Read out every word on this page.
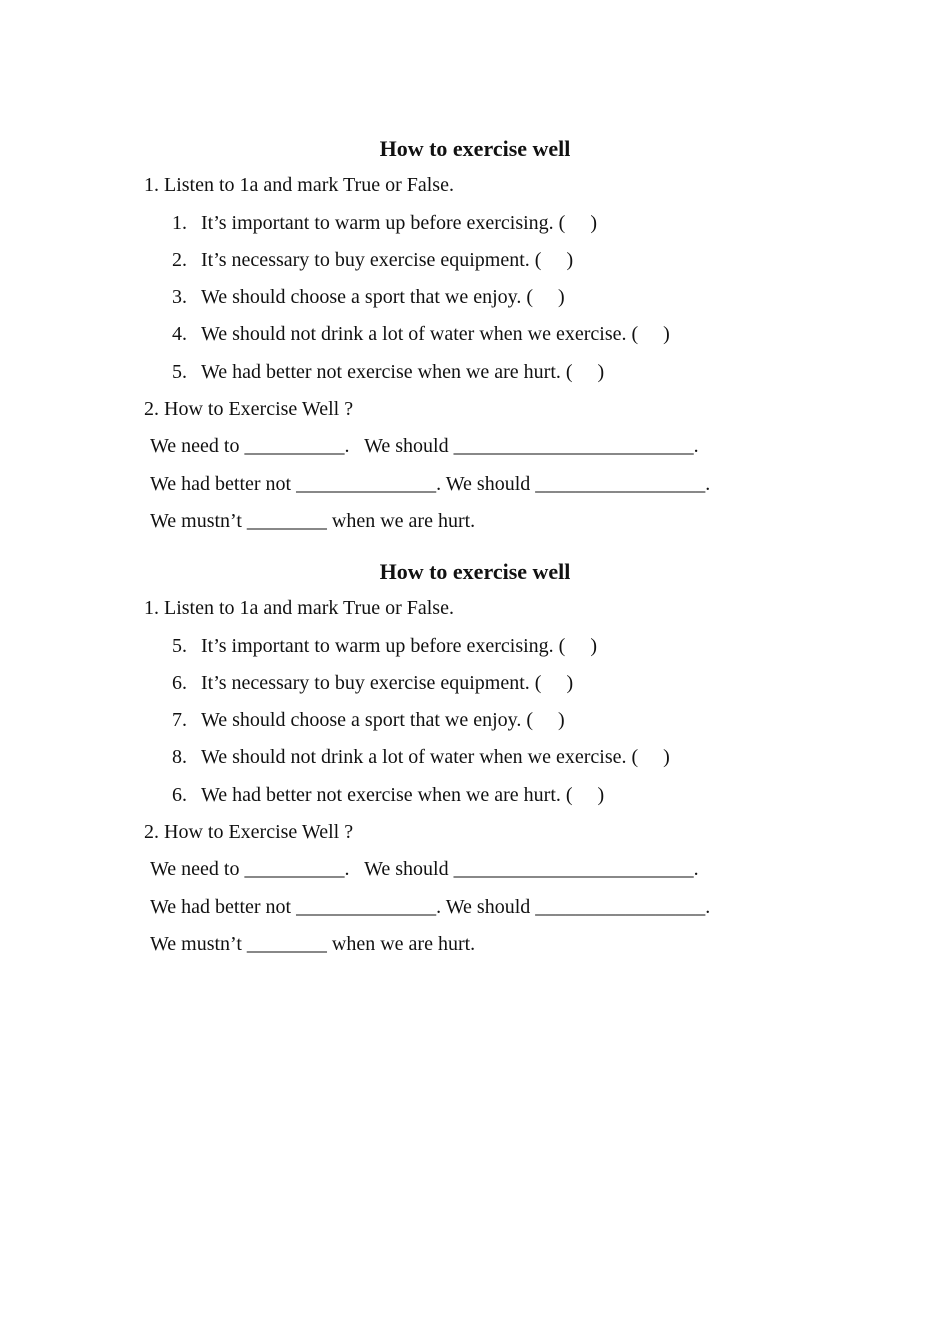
How to exercise well
1. Listen to 1a and mark True or False.
1. It’s important to warm up before exercising. (     )
2. It’s necessary to buy exercise equipment. (     )
3. We should choose a sport that we enjoy. (     )
4. We should not drink a lot of water when we exercise. (     )
5. We had better not exercise when we are hurt. (     )
2. How to Exercise Well ?
We need to __________.   We should ________________________.
We had better not ______________. We should _________________.
We mustn’t ________ when we are hurt.
How to exercise well
1. Listen to 1a and mark True or False.
5. It’s important to warm up before exercising. (     )
6. It’s necessary to buy exercise equipment. (     )
7. We should choose a sport that we enjoy. (     )
8. We should not drink a lot of water when we exercise. (     )
6. We had better not exercise when we are hurt. (     )
2. How to Exercise Well ?
We need to __________.   We should ________________________.
We had better not ______________. We should _________________.
We mustn’t ________ when we are hurt.
